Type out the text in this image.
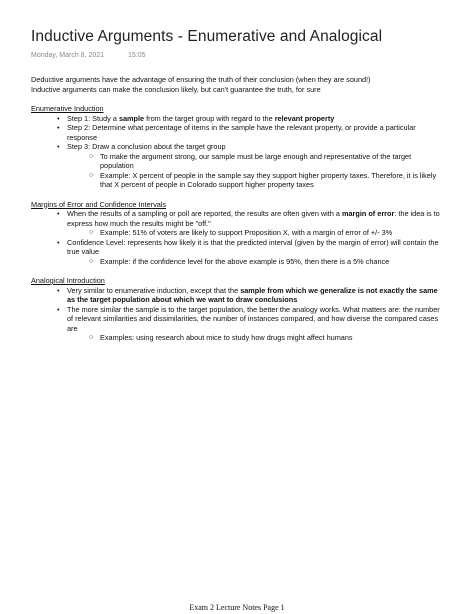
Inductive Arguments - Enumerative and Analogical
Monday, March 8, 2021	15:05

Deductive arguments have the advantage of ensuring the truth of their conclusion (when they are sound!)

Inductive arguments can make the conclusion likely, but can't guarantee the truth, for sure

Enumerative Induction

• Step 1: Study a sample from the target group with regard to the relevant property
• Step 2: Determine what percentage of items in the sample have the relevant property, or provide a particular response
• Step 3: Draw a conclusion about the target group
○ To make the argument strong, our sample must be large enough and representative of the target population
○ Example: X percent of people in the sample say they support higher property taxes. Therefore, it is likely that X percent of people in Colorado support higher property taxes

Margins of Error and Confidence Intervals

• When the results of a sampling or poll are reported, the results are often given with a margin of error: the idea is to express how much the results might be "off."
○ Example: 51% of voters are likely to support Proposition X, with a margin of error of +/- 3%
• Confidence Level: represents how likely it is that the predicted interval (given by the margin of error) will contain the true value
○ Example: if the confidence level for the above example is 95%, then there is a 5% chance

Analogical Introduction

• Very similar to enumerative induction, except that the sample from which we generalize is not exactly the same as the target population about which we want to draw conclusions
• The more similar the sample is to the target population, the better the analogy works. What matters are: the number of relevant similarities and dissimilarities, the number of instances compared, and how diverse the compared cases are
○ Examples: using research about mice to study how drugs might affect humans
Exam 2 Lecture Notes Page 1
